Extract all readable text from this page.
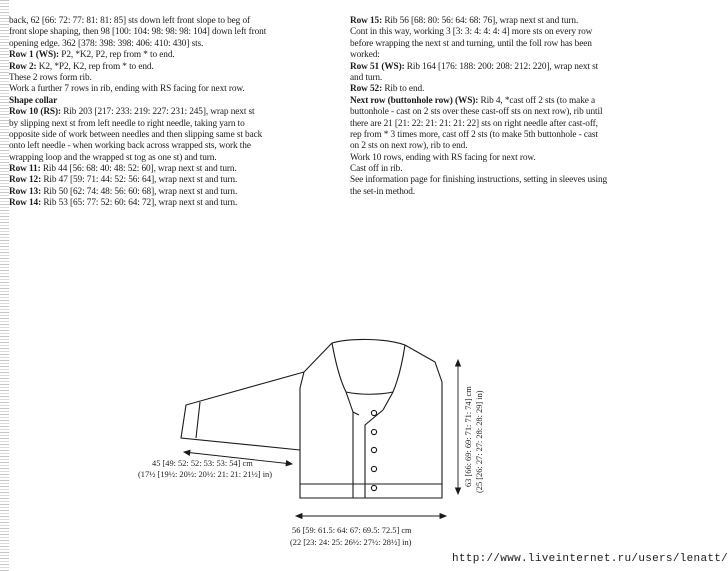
back, 62 [66: 72: 77: 81: 81: 85] sts down left front slope to beg of
front slope shaping, then 98 [100: 104: 98: 98: 98: 104] down left front
opening edge. 362 [378: 398: 398: 406: 410: 430] sts.
Row 1 (WS): P2, *K2, P2, rep from * to end.
Row 2: K2, *P2, K2, rep from * to end.
These 2 rows form rib.
Work a further 7 rows in rib, ending with RS facing for next row.
Shape collar
Row 10 (RS): Rib 203 [217: 233: 219: 227: 231: 245], wrap next st
by slipping next st from left needle to right needle, taking yarn to
opposite side of work between needles and then slipping same st back
onto left needle - when working back across wrapped sts, work the
wrapping loop and the wrapped st tog as one st) and turn.
Row 11: Rib 44 [56: 68: 40: 48: 52: 60], wrap next st and turn.
Row 12: Rib 47 [59: 71: 44: 52: 56: 64], wrap next st and turn.
Row 13: Rib 50 [62: 74: 48: 56: 60: 68], wrap next st and turn.
Row 14: Rib 53 [65: 77: 52: 60: 64: 72], wrap next st and turn.
Row 15: Rib 56 [68: 80: 56: 64: 68: 76], wrap next st and turn.
Cont in this way, working 3 [3: 3: 4: 4: 4: 4] more sts on every row
before wrapping the next st and turning, until the foll row has been
worked:
Row 51 (WS): Rib 164 [176: 188: 200: 208: 212: 220], wrap next st
and turn.
Row 52: Rib to end.
Next row (buttonhole row) (WS): Rib 4, *cast off 2 sts (to make a
buttonhole - cast on 2 sts over these cast-off sts on next row), rib until
there are 21 [21: 22: 21: 21: 21: 22] sts on right needle after cast-off,
rep from * 3 times more, cast off 2 sts (to make 5th buttonhole - cast
on 2 sts on next row), rib to end.
Work 10 rows, ending with RS facing for next row.
Cast off in rib.
See information page for finishing instructions, setting in sleeves using
the set-in method.
45 [49: 52: 52: 53: 53: 54] cm
(17½ [19½: 20½: 20½: 21: 21: 21½] in)
56 [59: 61.5: 64: 67: 69.5: 72.5] cm
(22 [23: 24: 25: 26½: 27½: 28½] in)
63 [66: 69: 69: 71: 71: 74] cm (25 [26: 27: 27: 28: 28: 29] in)
http://www.liveinternet.ru/users/lenatt/
